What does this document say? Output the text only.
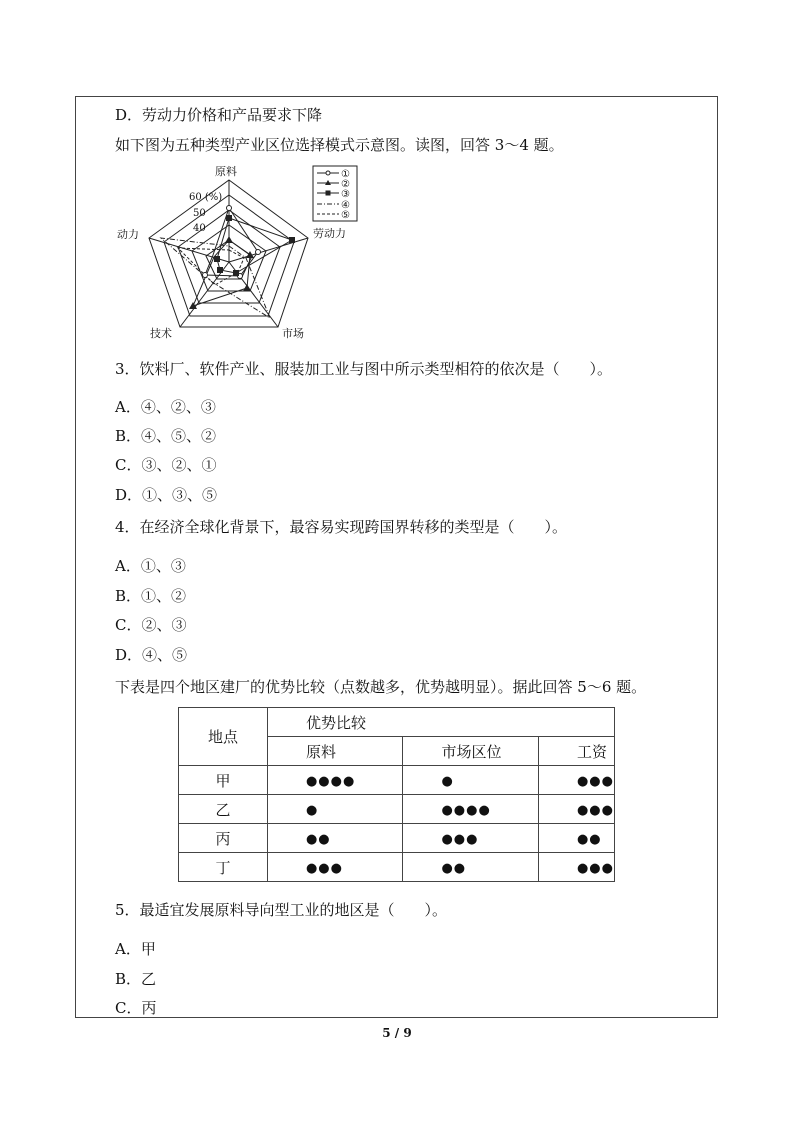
D．劳动力价格和产品要求下降
如下图为五种类型产业区位选择模式示意图。读图，回答 3～4 题。
原料
劳动力
市场
技术
动力
60 (%)
50
40
①
②
③
④
⑤
3．饮料厂、软件产业、服装加工业与图中所示类型相符的依次是（　　）。
A．④、②、③
B．④、⑤、②
C．③、②、①
D．①、③、⑤
4．在经济全球化背景下，最容易实现跨国界转移的类型是（　　）。
A．①、③
B．①、②
C．②、③
D．④、⑤
下表是四个地区建厂的优势比较（点数越多，优势越明显）。据此回答 5～6 题。
地点	优势比较		
	原料	市场区位	工资
甲	●●●●	●	●●●
乙	●	●●●●	●●●
丙	●●	●●●	●●
丁	●●●	●●	●●●
5．最适宜发展原料导向型工业的地区是（　　）。
A．甲
B．乙
C．丙
5 / 9
